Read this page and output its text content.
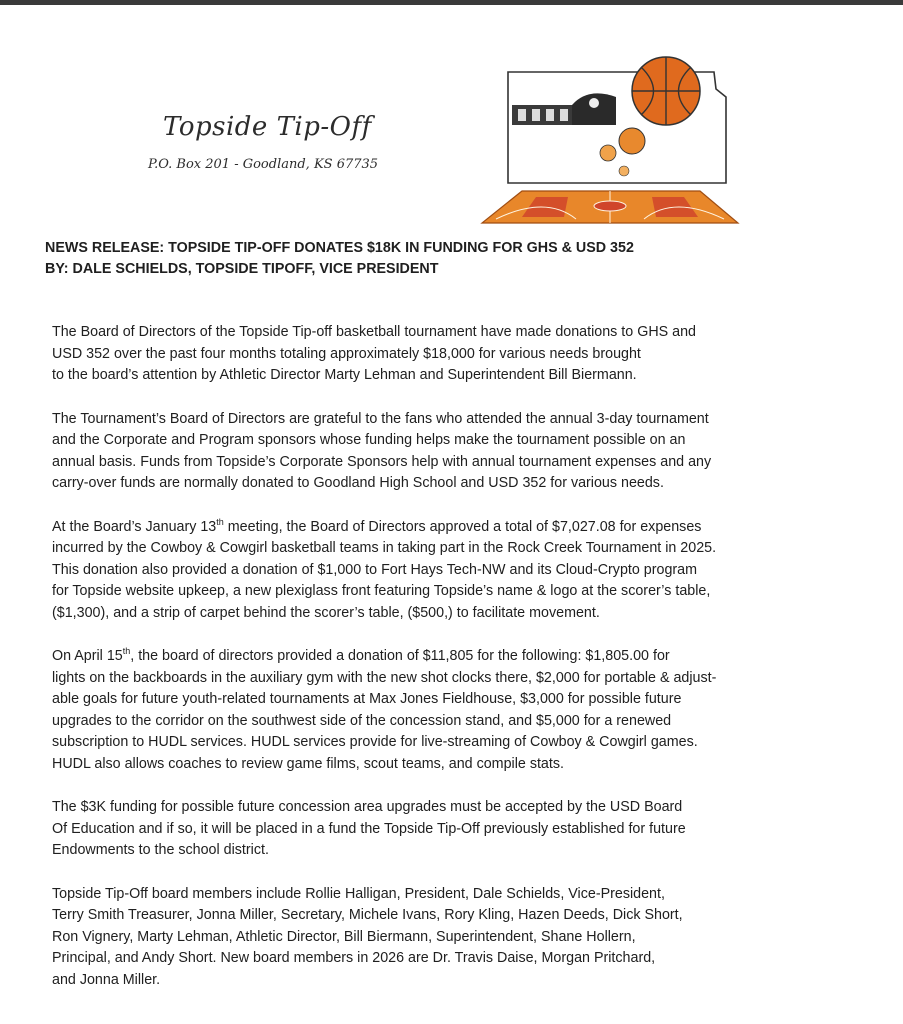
Topside Tip-Off
P.O. Box 201 - Goodland, KS 67735
NEWS RELEASE: TOPSIDE TIP-OFF DONATES $18K IN FUNDING FOR GHS & USD 352
BY: DALE SCHIELDS, TOPSIDE TIPOFF, VICE PRESIDENT

The Board of Directors of the Topside Tip-off basketball tournament have made donations to GHS and
USD 352 over the past four months totaling approximately $18,000 for various needs brought
to the board’s attention by Athletic Director Marty Lehman and Superintendent Bill Biermann.

The Tournament’s Board of Directors are grateful to the fans who attended the annual 3-day tournament
and the Corporate and Program sponsors whose funding helps make the tournament possible on an
annual basis. Funds from Topside’s Corporate Sponsors help with annual tournament expenses and any
carry-over funds are normally donated to Goodland High School and USD 352 for various needs.

At the Board’s January 13th meeting, the Board of Directors approved a total of $7,027.08 for expenses
incurred by the Cowboy & Cowgirl basketball teams in taking part in the Rock Creek Tournament in 2025.
This donation also provided a donation of $1,000 to Fort Hays Tech-NW and its Cloud-Crypto program
for Topside website upkeep, a new plexiglass front featuring Topside’s name & logo at the scorer’s table,
($1,300), and a strip of carpet behind the scorer’s table, ($500,) to facilitate movement.

On April 15th, the board of directors provided a donation of $11,805 for the following: $1,805.00 for
lights on the backboards in the auxiliary gym with the new shot clocks there, $2,000 for portable & adjust-
able goals for future youth-related tournaments at Max Jones Fieldhouse, $3,000 for possible future
upgrades to the corridor on the southwest side of the concession stand, and $5,000 for a renewed
subscription to HUDL services. HUDL services provide for live-streaming of Cowboy & Cowgirl games.
HUDL also allows coaches to review game films, scout teams, and compile stats.

The $3K funding for possible future concession area upgrades must be accepted by the USD Board
Of Education and if so, it will be placed in a fund the Topside Tip-Off previously established for future
Endowments to the school district.

Topside Tip-Off board members include Rollie Halligan, President, Dale Schields, Vice-President,
Terry Smith Treasurer, Jonna Miller, Secretary, Michele Ivans, Rory Kling, Hazen Deeds, Dick Short,
Ron Vignery, Marty Lehman, Athletic Director, Bill Biermann, Superintendent, Shane Hollern,
Principal, and Andy Short. New board members in 2026 are Dr. Travis Daise, Morgan Pritchard,
and Jonna Miller.
